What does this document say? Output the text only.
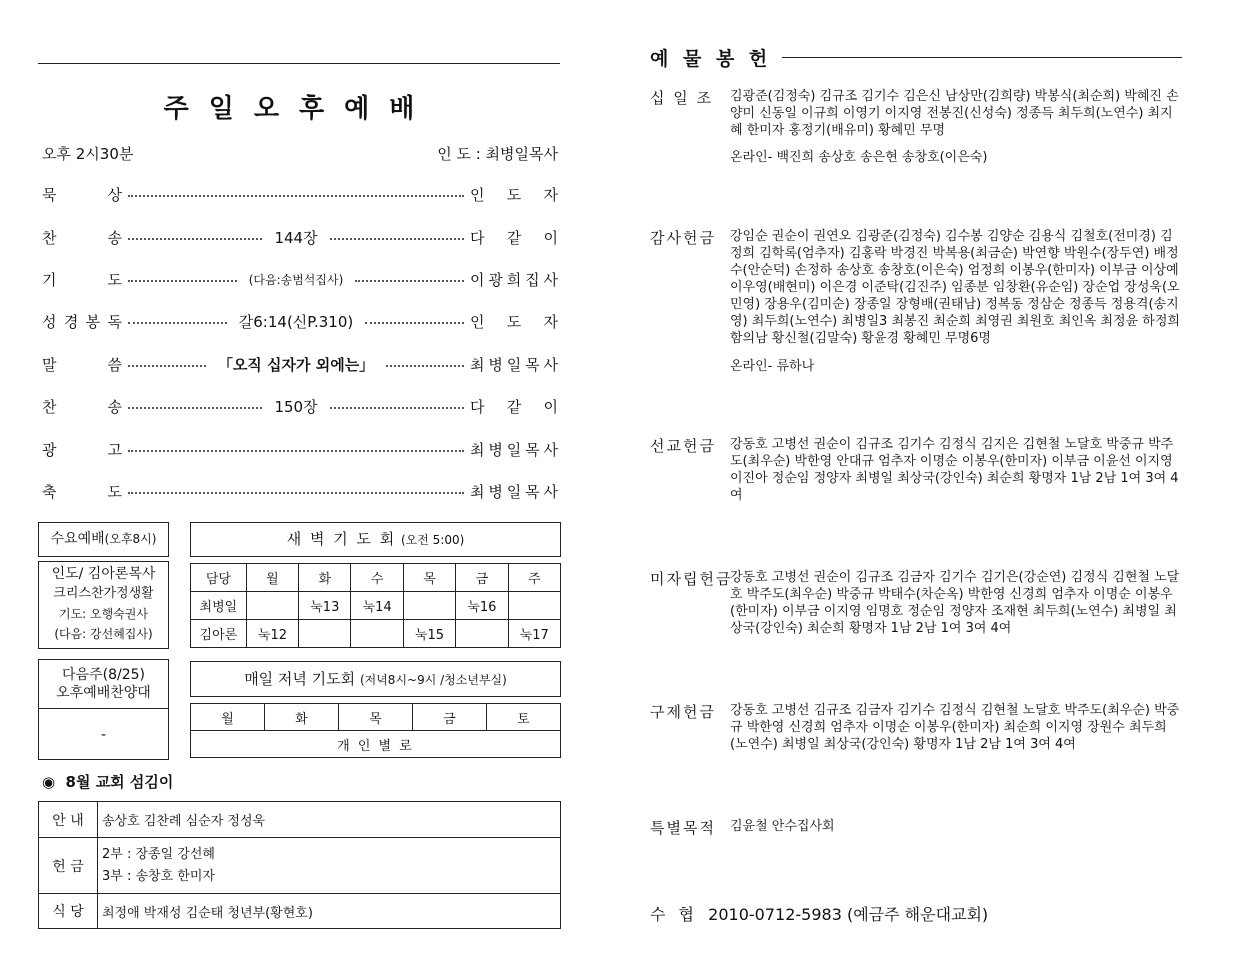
주일오후예배
오후 2시30분	인 도 : 최병일목사
묵	상	인 도 자
찬	송	144장	다 같 이
기	도	(다음:송범석집사)	이 광 희 집 사
성 경 봉 독	갈6:14(신P.310)	인 도 자
말	씀	「오직 십자가 외에는」	최 병 일 목 사
찬	송	150장	다 같 이
광	고	최 병 일 목 사
축	도	최 병 일 목 사
수요예배(오후8시)
인도/ 김아론목사
크리스찬가정생활
기도: 오행숙권사
(다음: 강선혜집사)
새 벽 기 도 회 (오전 5:00)
담당	월	화	수	목	금	주
최병일		눅13	눅14		눅16	
김아론	눅12			눅15		눅17
다음주(8/25)
오후예배찬양대
-
매일 저녁 기도회 (저녁8시~9시 /청소년부실)
월	화	목	금	토
개 인 별 로
◉ 8월 교회 섬김이
안 내	송상호 김찬례 심순자 정성욱
헌 금	2부 : 장종일 강선혜
3부 : 송창호 한미자

식 당	최정애 박재성 김순태 청년부(황현호)
예 물 봉 헌
십 일 조 김광준(김정숙) 김규조 김기수 김은신 남상만(김희량) 박봉식(최순희) 박혜진 손양미 신동일 이규희 이영기 이지영 전봉진(신성숙) 정종득 최두희(노연수) 최지혜 한미자 홍정기(배유미) 황혜민 무명
온라인- 백진희 송상호 송은현 송창호(이은숙)
감사헌금 강임순 권순이 권연오 김광준(김정숙) 김수봉 김양순 김용식 김철호(전미경) 김정희 김학록(엄추자) 김홍락 박경진 박복용(최금순) 박연향 박원수(장두연) 배정수(안순덕) 손정하 송상호 송창호(이은숙) 엄정희 이봉우(한미자) 이부금 이상예 이우영(배현미) 이은경 이준탁(김진주) 임종분 임창환(유순임) 장순업 장성욱(오민영) 장용우(김미순) 장종일 장형배(권태남) 정복동 정삼순 정종득 정용격(송지영) 최두희(노연수) 최병일3 최봉진 최순희 최영권 최원호 최인옥 최정윤 하정희 함의남 황신철(김말숙) 황윤경 황혜민 무명6명
온라인- 류하나
선교헌금 강동호 고병선 권순이 김규조 김기수 김정식 김지은 김현철 노달호 박중규 박주도(최우순) 박한영 안대규 엄추자 이명순 이봉우(한미자) 이부금 이윤선 이지영 이진아 정순임 정양자 최병일 최상국(강인숙) 최순희 황명자 1남 2남 1여 3여 4여
미자립헌금
강동호 고병선 권순이 김규조 김금자 김기수 김기은(강순연) 김정식 김현철 노달호 박주도(최우순) 박중규 박태수(차순옥) 박한영 신경희 엄추자 이명순 이봉우(한미자) 이부금 이지영 임명호 정순임 정양자 조재현 최두희(노연수) 최병일 최상국(강인숙) 최순희 황명자 1남 2남 1여 3여 4여
구제헌금 강동호 고병선 김규조 김금자 김기수 김정식 김현철 노달호 박주도(최우순) 박중규 박한영 신경희 엄추자 이명순 이봉우(한미자) 최순희 이지영 장원수 최두희(노연수) 최병일 최상국(강인숙) 황명자 1남 2남 1여 3여 4여
특별목적 김윤철 안수집사회
수 협 2010-0712-5983 (예금주 해운대교회)
